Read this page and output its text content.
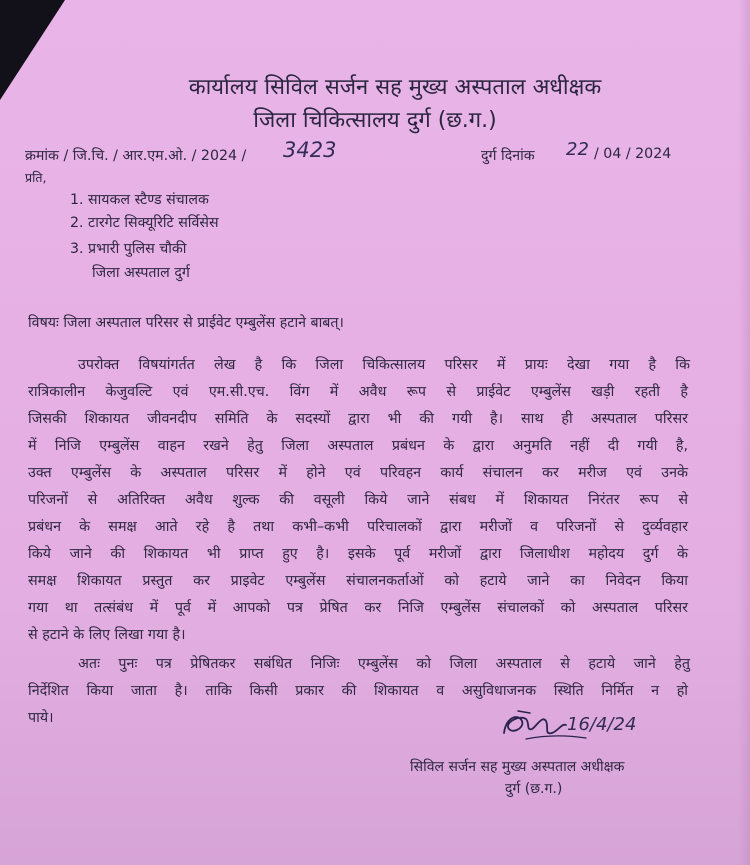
कार्यालय सिविल सर्जन सह मुख्य अस्पताल अधीक्षक
जिला चिकित्सालय दुर्ग (छ.ग.)
क्रमांक / जि.चि. / आर.एम.ओ. / 2024 / 3423	दुर्ग दिनांक 22 / 04 / 2024
प्रति,
1. सायकल स्टैण्ड संचालक
2. टारगेट सिक्यूरिटि सर्विसेस
3. प्रभारी पुलिस चौकी
जिला अस्पताल दुर्ग
विषयः जिला अस्पताल परिसर से प्राईवेट एम्बुलेंस हटाने बाबत्।
उपरोक्त विषयांगर्तत लेख है कि जिला चिकित्सालय परिसर में प्रायः देखा गया है कि
रात्रिकालीन केजुवल्टि एवं एम.सी.एच. विंग में अवैध रूप से प्राईवेट एम्बुलेंस खड़ी रहती है
जिसकी शिकायत जीवनदीप समिति के सदस्यों द्वारा भी की गयी है। साथ ही अस्पताल परिसर
में निजि एम्बुलेंस वाहन रखने हेतु जिला अस्पताल प्रबंधन के द्वारा अनुमति नहीं दी गयी है,
उक्त एम्बुलेंस के अस्पताल परिसर में होने एवं परिवहन कार्य संचालन कर मरीज एवं उनके
परिजनों से अतिरिक्त अवैध शुल्क की वसूली किये जाने संबध में शिकायत निरंतर रूप से
प्रबंधन के समक्ष आते रहे है तथा कभी–कभी परिचालकों द्वारा मरीजों व परिजनों से दुर्व्यवहार
किये जाने की शिकायत भी प्राप्त हुए है। इसके पूर्व मरीजों द्वारा जिलाधीश महोदय दुर्ग के
समक्ष शिकायत प्रस्तुत कर प्राइवेट एम्बुलेंस संचालनकर्ताओं को हटाये जाने का निवेदन किया
गया था तत्संबंध में पूर्व में आपको पत्र प्रेषित कर निजि एम्बुलेंस संचालकों को अस्पताल परिसर
से हटाने के लिए लिखा गया है।
अतः पुनः पत्र प्रेषितकर सबंधित निजिः एम्बुलेंस को जिला अस्पताल से हटाये जाने हेतु
निर्देशित किया जाता है। ताकि किसी प्रकार की शिकायत व असुविधाजनक स्थिति निर्मित न हो
पाये।	16/4/24
सिविल सर्जन सह मुख्य अस्पताल अधीक्षक
दुर्ग (छ.ग.)
